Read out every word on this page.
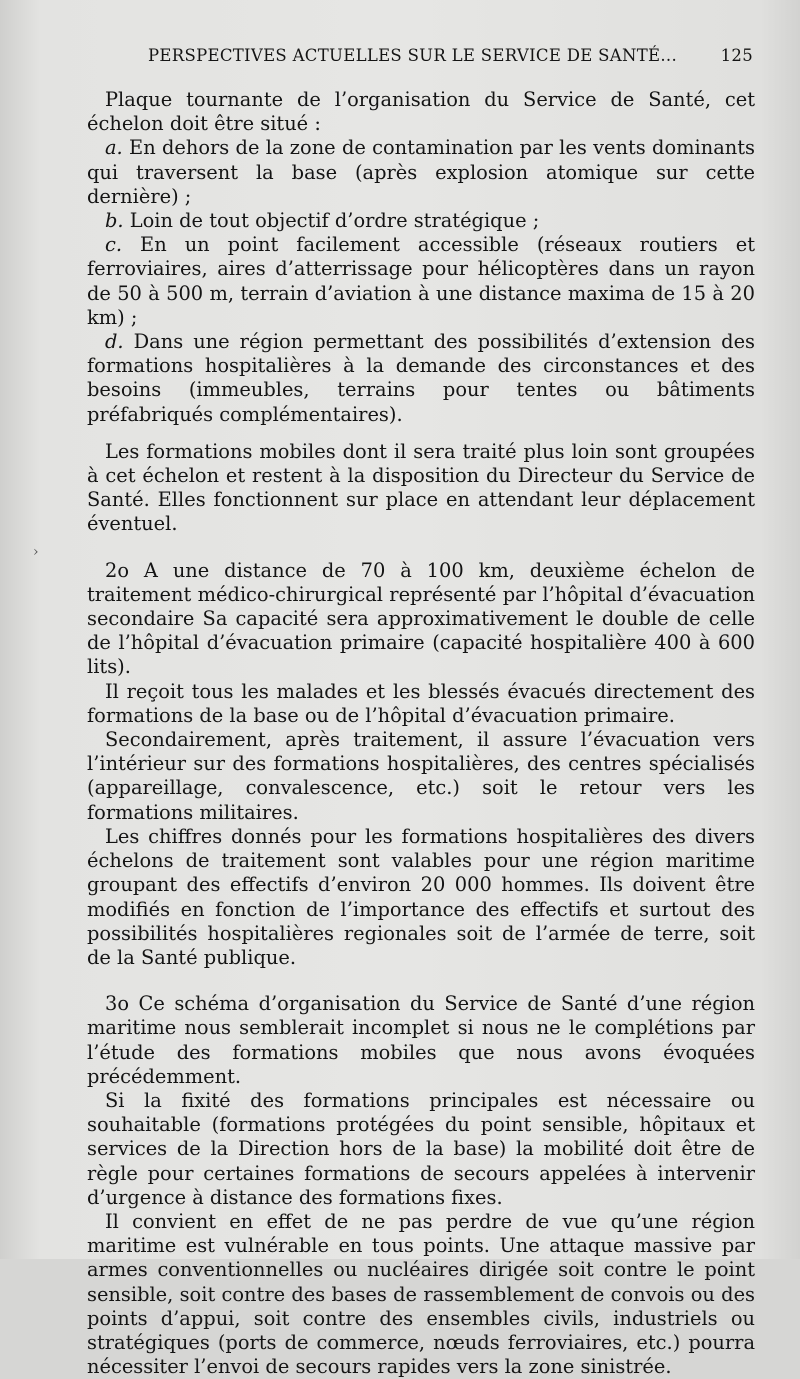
PERSPECTIVES ACTUELLES SUR LE SERVICE DE SANTÉ...	125
›

Plaque tournante de l’organisation du Service de Santé, cet échelon doit être situé :

a. En dehors de la zone de contamination par les vents dominants qui traversent la base (après explosion atomique sur cette dernière) ;

b. Loin de tout objectif d’ordre stratégique ;

c. En un point facilement accessible (réseaux routiers et ferroviaires, aires d’atterrissage pour hélicoptères dans un rayon de 50 à 500 m, terrain d’aviation à une distance maxima de 15 à 20 km) ;

d. Dans une région permettant des possibilités d’extension des formations hospitalières à la demande des circonstances et des besoins (immeubles, terrains pour tentes ou bâtiments préfabriqués complémentaires).

Les formations mobiles dont il sera traité plus loin sont groupées à cet échelon et restent à la disposition du Directeur du Service de Santé. Elles fonctionnent sur place en attendant leur déplacement éventuel.

2o A une distance de 70 à 100 km, deuxième échelon de traitement médico-chirurgical représenté par l’hôpital d’évacuation secondaire Sa capacité sera approximativement le double de celle de l’hôpital d’évacuation primaire (capacité hospitalière 400 à 600 lits).

Il reçoit tous les malades et les blessés évacués directement des formations de la base ou de l’hôpital d’évacuation primaire.

Secondairement, après traitement, il assure l’évacuation vers l’intérieur sur des formations hospitalières, des centres spécialisés (appareillage, convalescence, etc.) soit le retour vers les formations militaires.

Les chiffres donnés pour les formations hospitalières des divers échelons de traitement sont valables pour une région maritime groupant des effectifs d’environ 20 000 hommes. Ils doivent être modifiés en fonction de l’importance des effectifs et surtout des possibilités hospitalières regionales soit de l’armée de terre, soit de la Santé publique.

3o Ce schéma d’organisation du Service de Santé d’une région maritime nous semblerait incomplet si nous ne le complétions par l’étude des formations mobiles que nous avons évoquées précédemment.

Si la fixité des formations principales est nécessaire ou souhaitable (formations protégées du point sensible, hôpitaux et services de la Direction hors de la base) la mobilité doit être de règle pour certaines formations de secours appelées à intervenir d’urgence à distance des formations fixes.

Il convient en effet de ne pas perdre de vue qu’une région maritime est vulnérable en tous points. Une attaque massive par armes conventionnelles ou nucléaires dirigée soit contre le point sensible, soit contre des bases de rassemblement de convois ou des points d’appui, soit contre des ensembles civils, industriels ou stratégiques (ports de commerce, nœuds ferroviaires, etc.) pourra nécessiter l’envoi de secours rapides vers la zone sinistrée.
